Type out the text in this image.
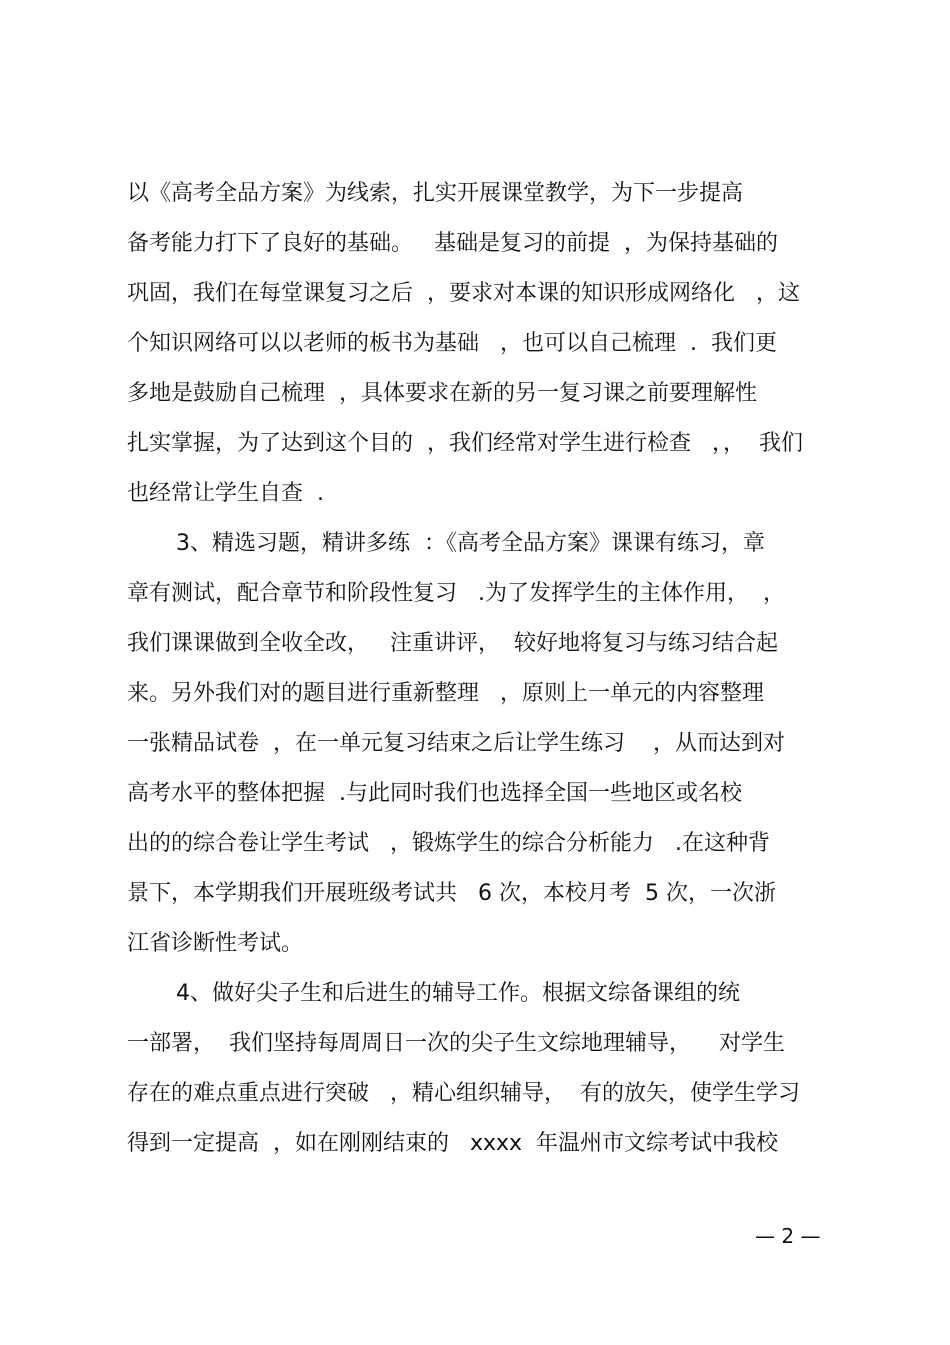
以《高考全品方案》为线索，扎实开展课堂教学，为下一步提高
备考能力打下了良好的基础。   基础是复习的前提  ，为保持基础的
巩固，我们在每堂课复习之后  ，要求对本课的知识形成网络化   ，这
个知识网络可以以老师的板书为基础   ，也可以自己梳理  .  我们更
多地是鼓励自己梳理  ，具体要求在新的另一复习课之前要理解性
扎实掌握，为了达到这个目的  ，我们经常对学生进行检查   ，，  我们
也经常让学生自查  .
3、精选习题，精讲多练  ：《高考全品方案》课课有练习，章
章有测试，配合章节和阶段性复习   .为了发挥学生的主体作用，  ，
我们课课做到全收全改，   注重讲评，  较好地将复习与练习结合起
来。另外我们对的题目进行重新整理   ，原则上一单元的内容整理
一张精品试卷  ，在一单元复习结束之后让学生练习    ，从而达到对
高考水平的整体把握  .与此同时我们也选择全国一些地区或名校
出的的综合卷让学生考试   ，锻炼学生的综合分析能力   .在这种背
景下，本学期我们开展班级考试共   6 次，本校月考  5 次，一次浙
江省诊断性考试。
4、做好尖子生和后进生的辅导工作。根据文综备课组的统
一部署，  我们坚持每周周日一次的尖子生文综地理辅导，    对学生
存在的难点重点进行突破   ，精心组织辅导，  有的放矢，使学生学习
得到一定提高  ，如在刚刚结束的   xxxx  年温州市文综考试中我校
— 2 —
